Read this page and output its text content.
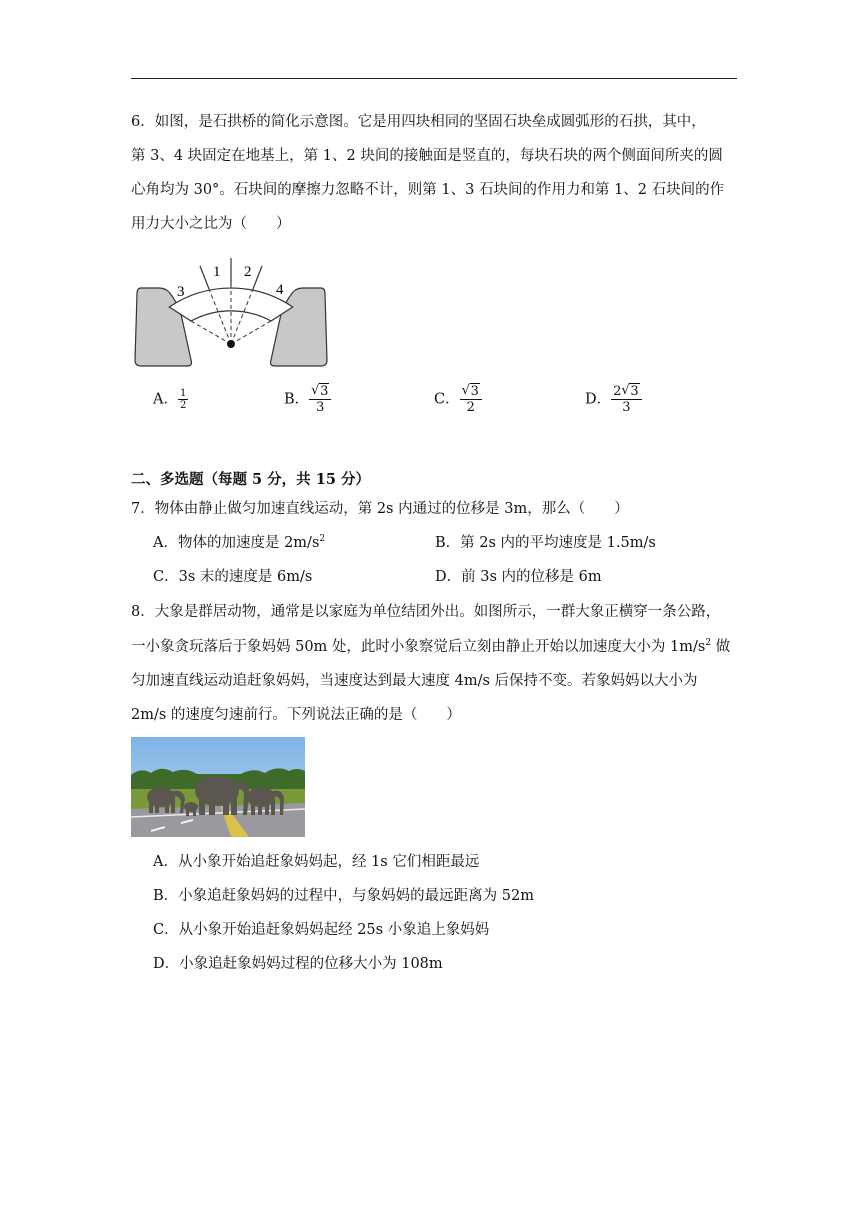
6．如图，是石拱桥的简化示意图。它是用四块相同的坚固石块垒成圆弧形的石拱，其中，
第 3、4 块固定在地基上，第 1、2 块间的接触面是竖直的，每块石块的两个侧面间所夹的圆
心角均为 30°。石块间的摩擦力忽略不计，则第 1、3 石块间的作用力和第 1、2 石块间的作
用力大小之比为（　　）
1 2
3	4
A． $\frac{1}{2}$	B． $\frac{√ 3}{3}$	C． $\frac{√ 3}{2}$	D． $\frac{2 √ 3}{3}$
二、多选题（每题 5 分，共 15 分）
7．物体由静止做匀加速直线运动，第 2s 内通过的位移是 3m，那么（　　）
A．物体的加速度是 $2m/s^2$	B．第 2s 内的平均速度是 1.5m/s
C．3s 末的速度是 6m/s	D．前 3s 内的位移是 6m
8．大象是群居动物，通常是以家庭为单位结团外出。如图所示，一群大象正横穿一条公路，
一小象贪玩落后于象妈妈 50m 处，此时小象察觉后立刻由静止开始以加速度大小为 $1m/s^2$ 做
匀加速直线运动追赶象妈妈，当速度达到最大速度 4m/s 后保持不变。若象妈妈以大小为
2m/s 的速度匀速前行。下列说法正确的是（　　）
A．从小象开始追赶象妈妈起，经 1s 它们相距最远
B．小象追赶象妈妈的过程中，与象妈妈的最远距离为 52m
C．从小象开始追赶象妈妈起经 25s 小象追上象妈妈
D．小象追赶象妈妈过程的位移大小为 108m
